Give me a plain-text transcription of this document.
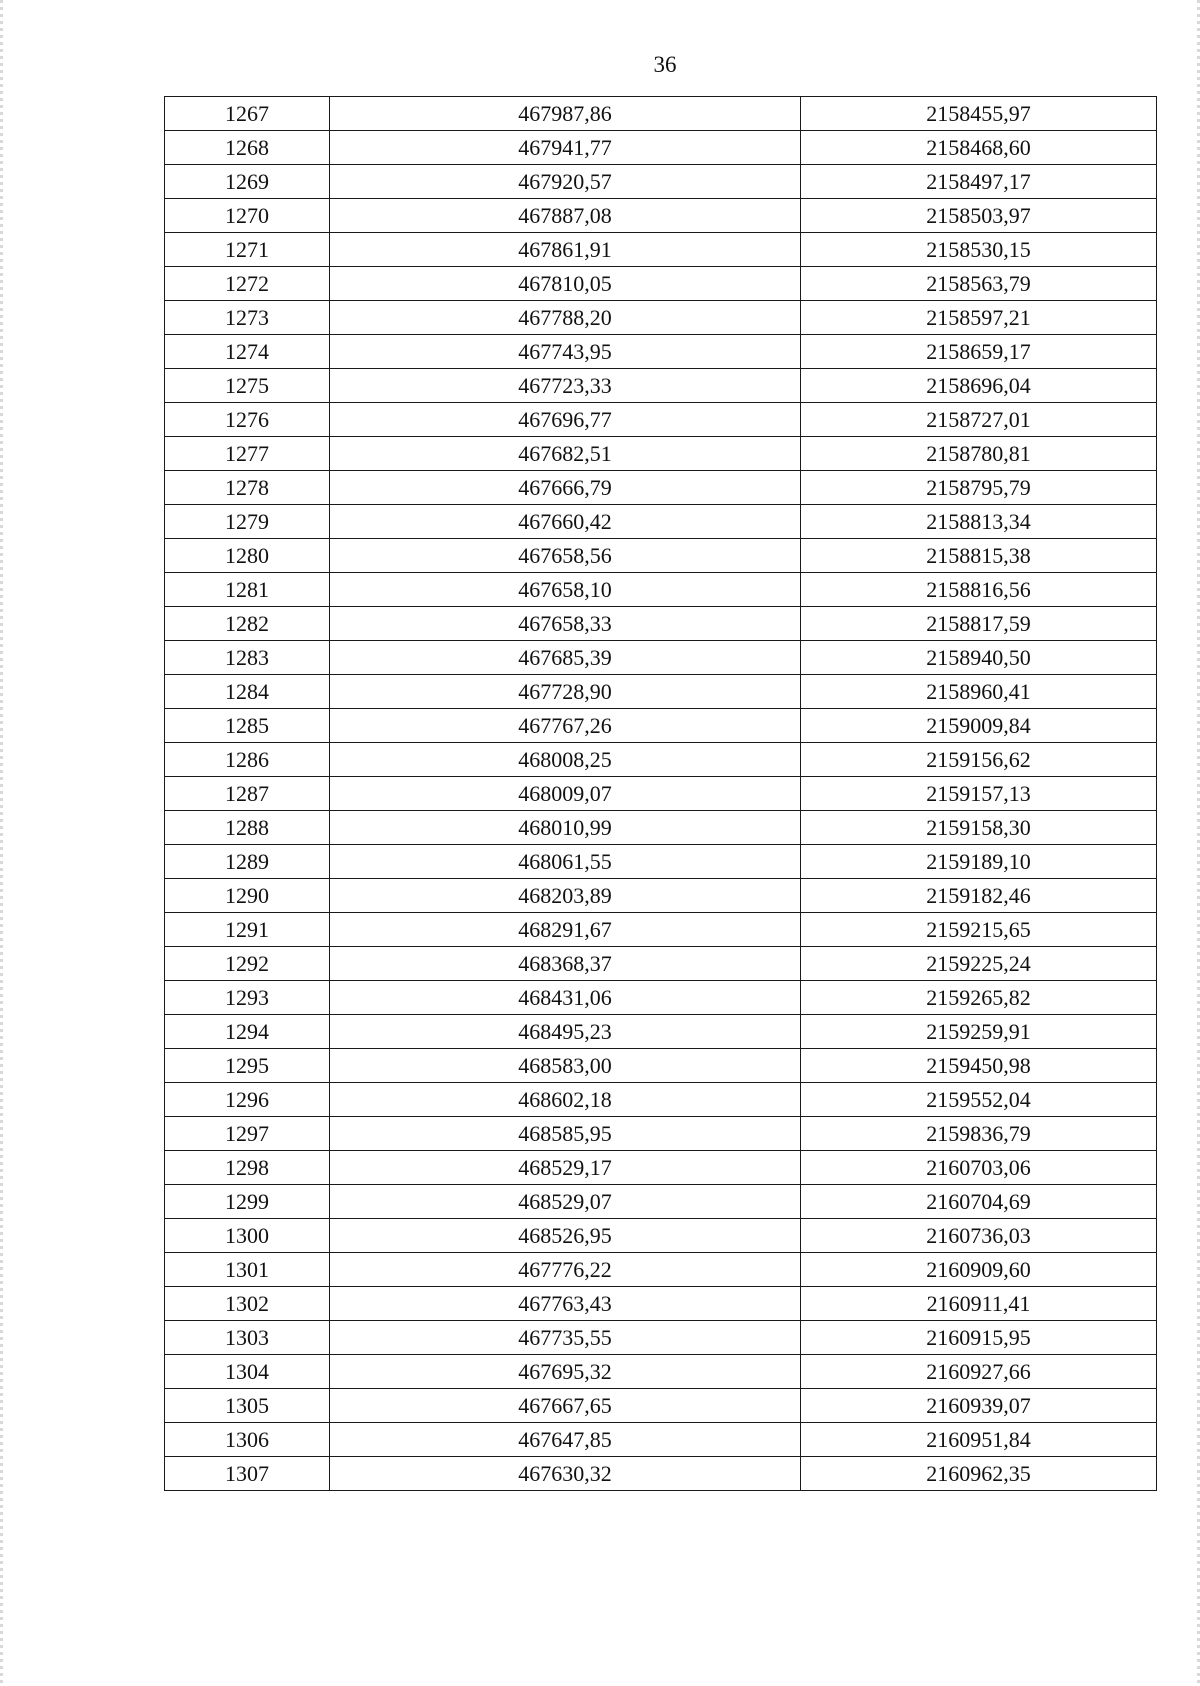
36
1267	467987,86	2158455,97
1268	467941,77	2158468,60
1269	467920,57	2158497,17
1270	467887,08	2158503,97
1271	467861,91	2158530,15
1272	467810,05	2158563,79
1273	467788,20	2158597,21
1274	467743,95	2158659,17
1275	467723,33	2158696,04
1276	467696,77	2158727,01
1277	467682,51	2158780,81
1278	467666,79	2158795,79
1279	467660,42	2158813,34
1280	467658,56	2158815,38
1281	467658,10	2158816,56
1282	467658,33	2158817,59
1283	467685,39	2158940,50
1284	467728,90	2158960,41
1285	467767,26	2159009,84
1286	468008,25	2159156,62
1287	468009,07	2159157,13
1288	468010,99	2159158,30
1289	468061,55	2159189,10
1290	468203,89	2159182,46
1291	468291,67	2159215,65
1292	468368,37	2159225,24
1293	468431,06	2159265,82
1294	468495,23	2159259,91
1295	468583,00	2159450,98
1296	468602,18	2159552,04
1297	468585,95	2159836,79
1298	468529,17	2160703,06
1299	468529,07	2160704,69
1300	468526,95	2160736,03
1301	467776,22	2160909,60
1302	467763,43	2160911,41
1303	467735,55	2160915,95
1304	467695,32	2160927,66
1305	467667,65	2160939,07
1306	467647,85	2160951,84
1307	467630,32	2160962,35
